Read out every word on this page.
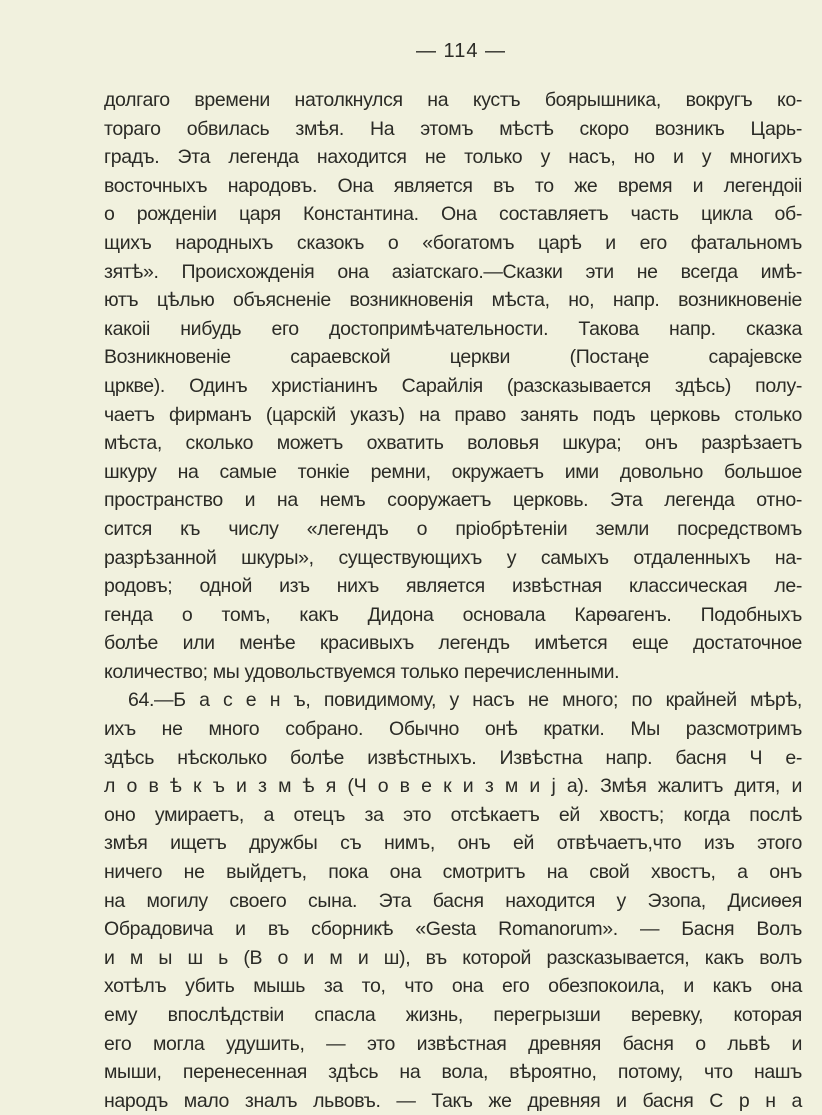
— 114 —
долгаго времени натолкнулся на кустъ боярышника, вокругъ ко-
тораго обвилась змѣя. На этомъ мѣстѣ скоро возникъ Царь-
градъ. Эта легенда находится не только у насъ, но и у многихъ
восточныхъ народовъ. Она является въ то же время и легендоіі
о рожденіи царя Константина. Она составляетъ часть цикла об-
щихъ народныхъ сказокъ о «богатомъ царѣ и его фатальномъ
зятѣ». Происхожденія она азіатскаго.—Сказки эти не всегда имѣ-
ютъ цѣлью объясненіе возникновенія мѣста, но, напр. возникновеніе
какоіі нибудь его достопримѣчательности. Такова напр. сказка
Возникновеніе сараевской церкви (Постаңе сарајевске
цркве). Одинъ христіанинъ Сарайлія (разсказывается здѣсь) полу-
чаетъ фирманъ (царскій указъ) на право занять подъ церковь столько
мѣста, сколько можетъ охватить воловья шкура; онъ разрѣзаетъ
шкуру на самые тонкіе ремни, окружаетъ ими довольно большое
пространство и на немъ сооружаетъ церковь. Эта легенда отно-
сится къ числу «легендъ о пріобрѣтеніи земли посредствомъ
разрѣзанной шкуры», существующихъ у самыхъ отдаленныхъ на-
родовъ; одной изъ нихъ является извѣстная классическая ле-
генда о томъ, какъ Дидона основала Карѳагенъ. Подобныхъ
болѣе или менѣе красивыхъ легендъ имѣется еще достаточное
количество; мы удовольствуемся только перечисленными.
64.—Б а с е н ъ, повидимому, у насъ не много; по крайней мѣрѣ,
ихъ не много собрано. Обычно онѣ кратки. Мы разсмотримъ
здѣсь нѣсколько болѣе извѣстныхъ. Извѣстна напр. басня Ч е-
л о в ѣ к ъ и з м ѣ я (Ч о в е к и з м и ј а). Змѣя жалитъ дитя, и
оно умираетъ, а отецъ за это отсѣкаетъ ей хвостъ; когда послѣ
змѣя ищетъ дружбы съ нимъ, онъ ей отвѣчаетъ,что изъ этого
ничего не выйдетъ, пока она смотритъ на свой хвостъ, а онъ
на могилу своего сына. Эта басня находится у Эзопа, Дисиѳея
Обрадовича и въ сборникѣ «Gesta Romanorum». — Басня Волъ
и м ы ш ь (В о и м и ш), въ которой разсказывается, какъ волъ
хотѣлъ убить мышь за то, что она его обезпокоила, и какъ она
ему впослѣдствіи спасла жизнь, перегрызши веревку, которая
его могла удушить, — это извѣстная древняя басня о львѣ и
мыши, перенесенная здѣсь на вола, вѣроятно, потому, что нашъ
народъ мало зналъ львовъ. — Такъ же древняя и басня С р н а
